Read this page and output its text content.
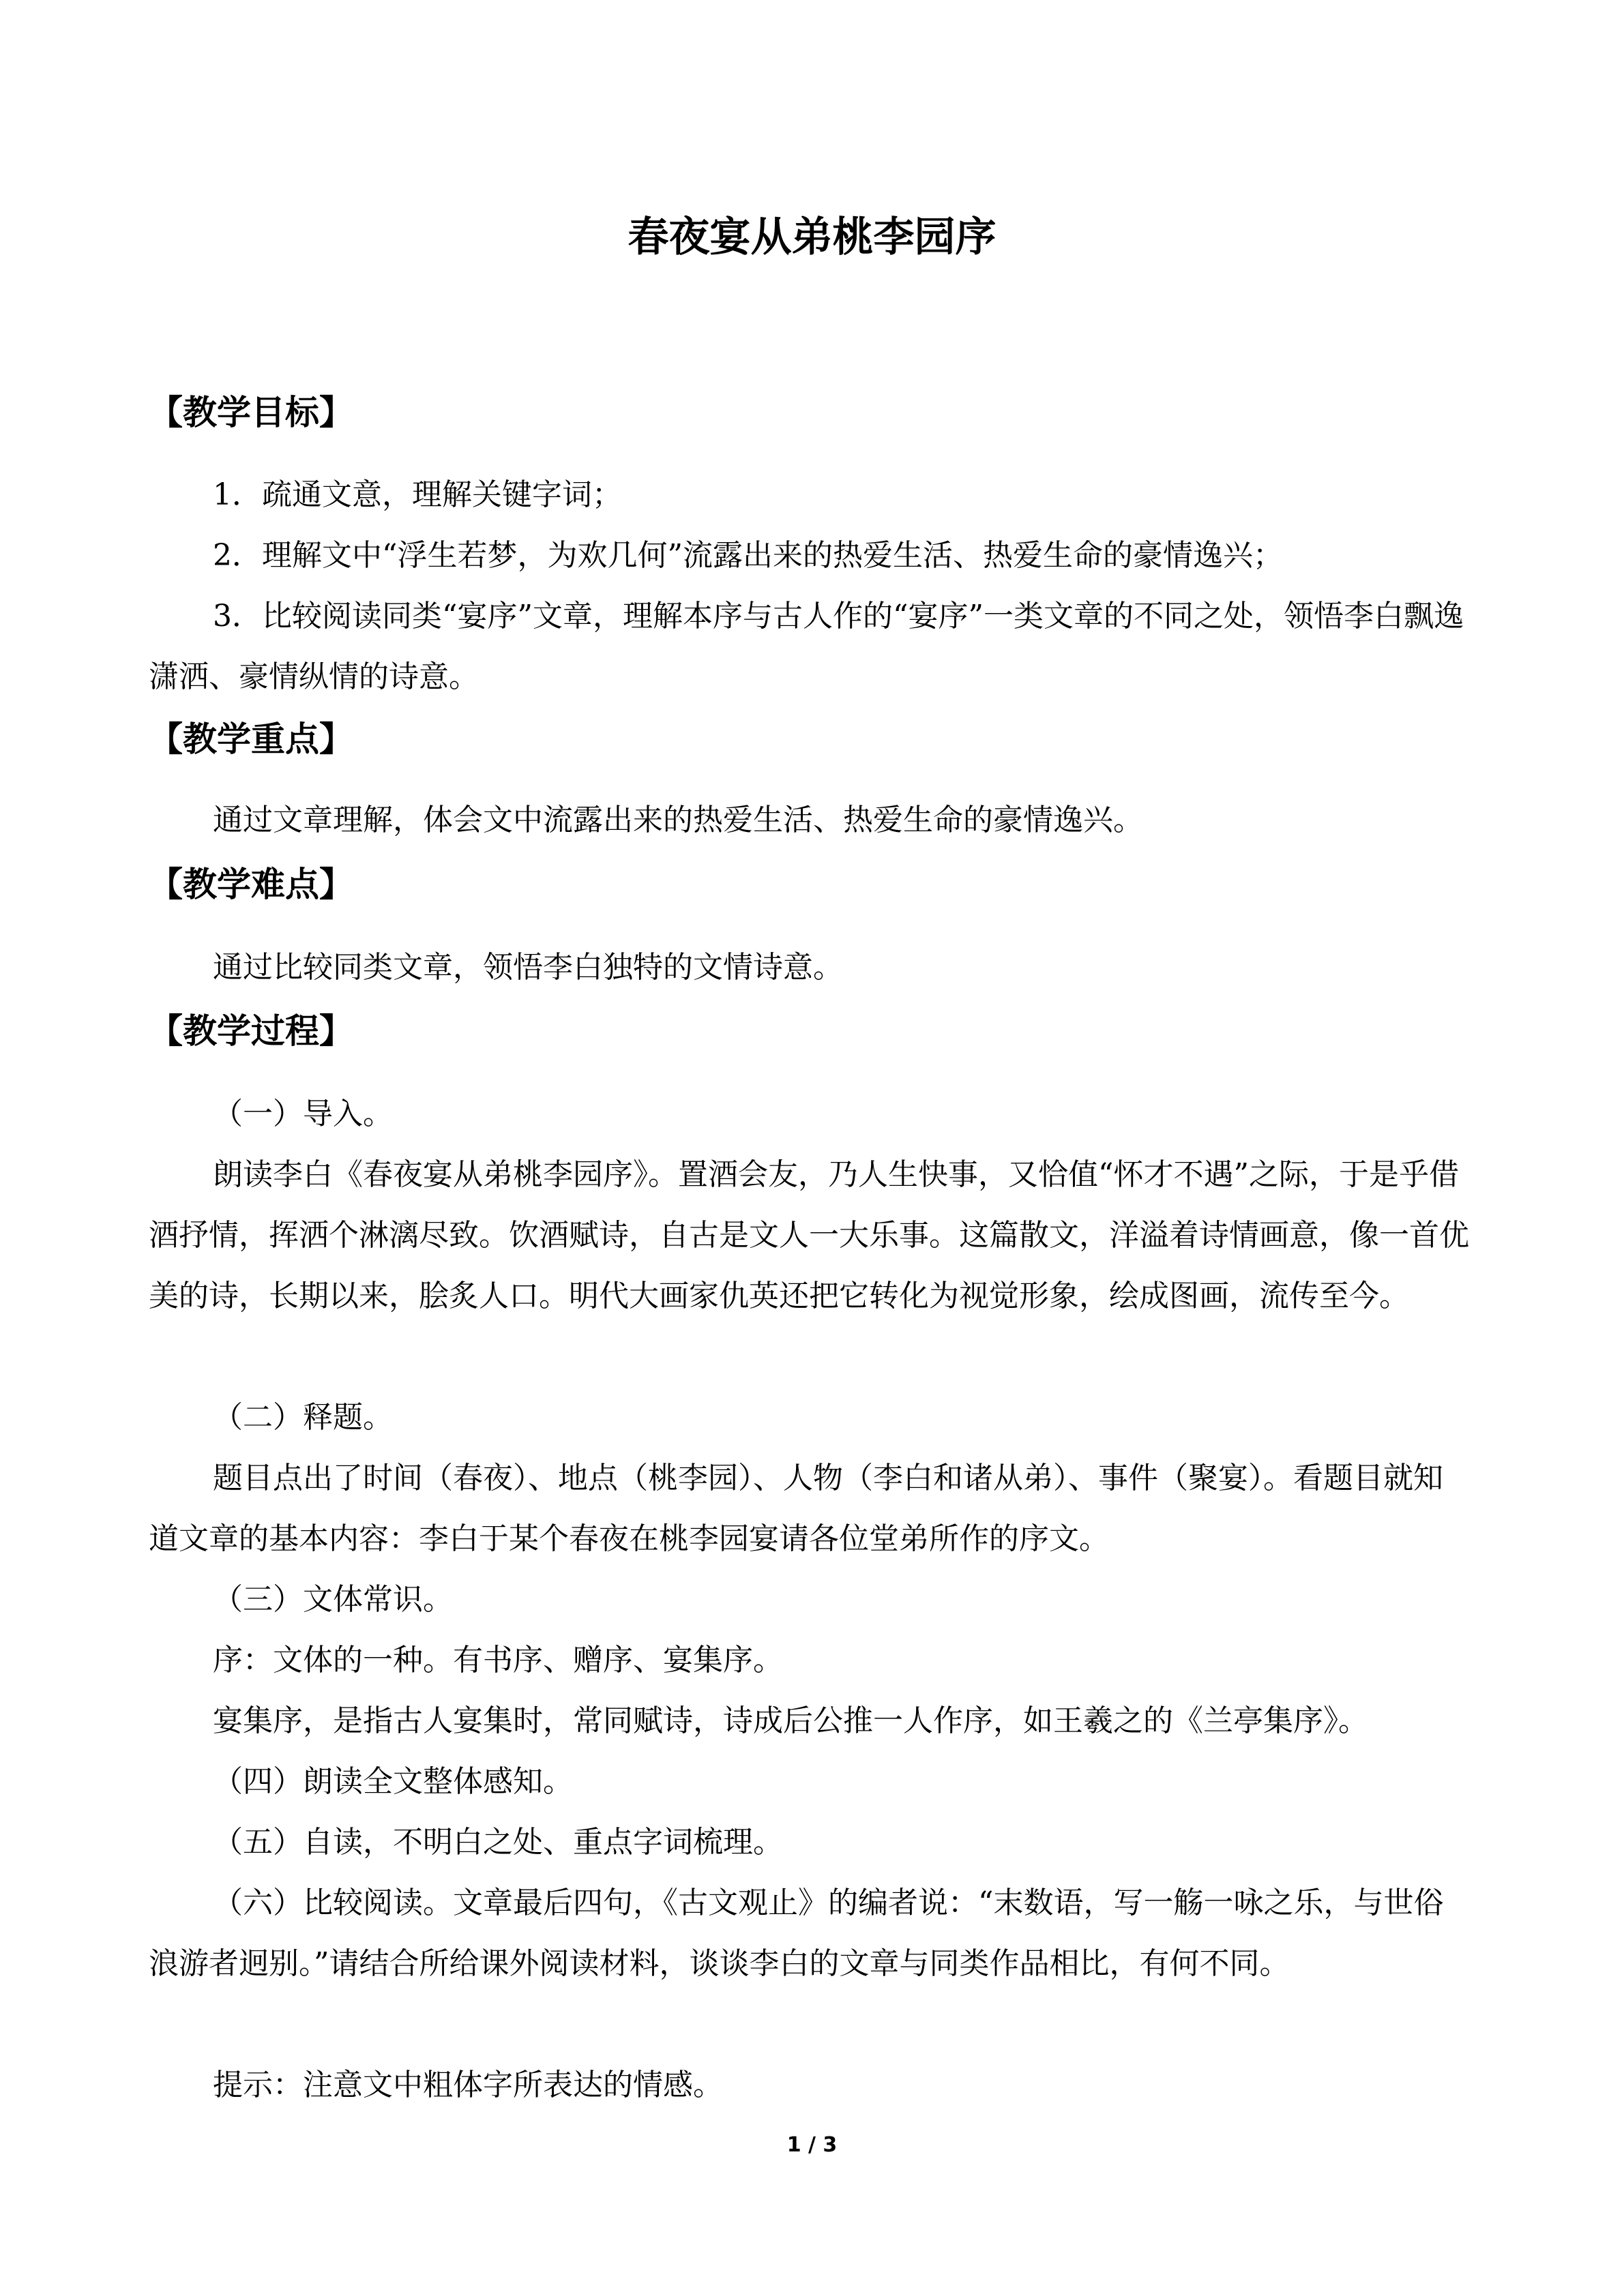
春夜宴从弟桃李园序
【教学目标】
1．疏通文意，理解关键字词；
2．理解文中“浮生若梦，为欢几何”流露出来的热爱生活、热爱生命的豪情逸兴；
3．比较阅读同类“宴序”文章，理解本序与古人作的“宴序”一类文章的不同之处，领悟李白飘逸潇洒、豪情纵情的诗意。
【教学重点】
通过文章理解，体会文中流露出来的热爱生活、热爱生命的豪情逸兴。
【教学难点】
通过比较同类文章，领悟李白独特的文情诗意。
【教学过程】
（一）导入。
朗读李白《春夜宴从弟桃李园序》。置酒会友，乃人生快事，又恰值“怀才不遇”之际，于是乎借酒抒情，挥洒个淋漓尽致。饮酒赋诗，自古是文人一大乐事。这篇散文，洋溢着诗情画意，像一首优美的诗，长期以来，脍炙人口。明代大画家仇英还把它转化为视觉形象，绘成图画，流传至今。
（二）释题。
题目点出了时间（春夜）、地点（桃李园）、人物（李白和诸从弟）、事件（聚宴）。看题目就知道文章的基本内容：李白于某个春夜在桃李园宴请各位堂弟所作的序文。
（三）文体常识。
序：文体的一种。有书序、赠序、宴集序。
宴集序，是指古人宴集时，常同赋诗，诗成后公推一人作序，如王羲之的《兰亭集序》。
（四）朗读全文整体感知。
（五）自读，不明白之处、重点字词梳理。
（六）比较阅读。文章最后四句，《古文观止》的编者说：“末数语，写一觞一咏之乐，与世俗浪游者迥别。”请结合所给课外阅读材料，谈谈李白的文章与同类作品相比，有何不同。
提示：注意文中粗体字所表达的情感。
1 / 3
